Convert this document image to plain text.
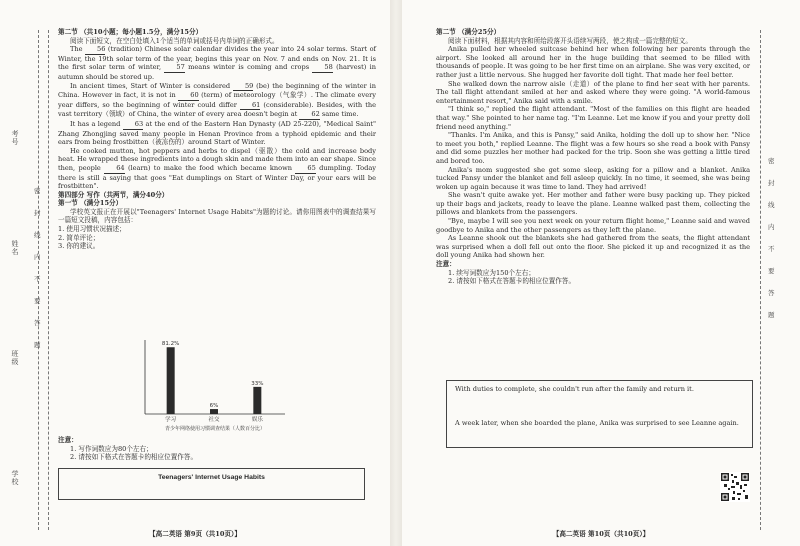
考号
姓名
班级
学校
密
封
线
内
不
要
答
题

第二节 （共10小题；每小题1.5分，满分15分）

阅读下面短文，在空白处填入1个适当的单词或括号内单词的正确形式。

The 56 (tradition) Chinese solar calendar divides the year into 24 solar terms. Start of Winter, the 19th solar term of the year, begins this year on Nov. 7 and ends on Nov. 21. It is the first solar term of winter, 57 means winter is coming and crops 58 (harvest) in autumn should be stored up.

In ancient times, Start of Winter is considered 59 (be) the beginning of the winter in China. However in fact, it is not in 60 (term) of meteorology（气象学）. The climate every year differs, so the beginning of winter could differ 61 (considerable). Besides, with the vast territory（领域）of China, the winter of every area doesn't begin at 62 same time.

It has a legend 63 at the end of the Eastern Han Dynasty (AD 25-220), "Medical Saint" Zhang Zhongjing saved many people in Henan Province from a typhoid epidemic and their ears from being frostbitten（被冻伤的）around Start of Winter.

He cooked mutton, hot peppers and herbs to dispel（驱散）the cold and increase body heat. He wrapped these ingredients into a dough skin and made them into an ear shape. Since then, people 64 (learn) to make the food which became known 65 dumpling. Today there is still a saying that goes "Eat dumplings on Start of Winter Day, or your ears will be frostbitten".

第四部分 写作（共两节，满分40分）

第一节 （满分15分）

学校英文报正在开展以"Teenagers' Internet Usage Habits"为题的讨论。请你用图表中的调查结果写一篇短文投稿，内容包括：

1. 使用习惯状况描述；
2. 简单评论；
3. 你的建议。
81.2%
学习
6%
社交
33%
娱乐
青少年网络使用习惯调查结果（人数百分比）

注意：

1. 写作词数应为80个左右；

2. 请按如下格式在答题卡的相应位置作答。

Teenagers' Internet Usage Habits
【高二英语 第9页（共10页）】
密
封
线
内
不
要
答
题

第二节 （满分25分）

阅读下面材料，根据其内容和所给段落开头语续写两段，使之构成一篇完整的短文。

Anika pulled her wheeled suitcase behind her when following her parents through the airport. She looked all around her in the huge building that seemed to be filled with thousands of people. It was going to be her first time on an airplane. She was very excited, or rather just a little nervous. She hugged her favorite doll tight. That made her feel better.

She walked down the narrow aisle（走道）of the plane to find her seat with her parents. The tall flight attendant smiled at her and asked where they were going. "A world-famous entertainment resort," Anika said with a smile.

"I think so," replied the flight attendant. "Most of the families on this flight are headed that way." She pointed to her name tag. "I'm Leanne. Let me know if you and your pretty doll friend need anything."

"Thanks. I'm Anika, and this is Pansy," said Anika, holding the doll up to show her. "Nice to meet you both," replied Leanne. The flight was a few hours so she read a book with Pansy and did some puzzles her mother had packed for the trip. Soon she was getting a little tired and bored too.

Anika's mom suggested she get some sleep, asking for a pillow and a blanket. Anika tucked Pansy under the blanket and fell asleep quickly. In no time, it seemed, she was being woken up again because it was time to land. They had arrived!

She wasn't quite awake yet. Her mother and father were busy packing up. They picked up their bags and jackets, ready to leave the plane. Leanne walked past them, collecting the pillows and blankets from the passengers.

"Bye, maybe I will see you next week on your return flight home," Leanne said and waved goodbye to Anika and the other passengers as they left the plane.

As Leanne shook out the blankets she had gathered from the seats, the flight attendant was surprised when a doll fell out onto the floor. She picked it up and recognized it as the doll young Anika had shown her.

注意：

1. 续写词数应为150个左右；

2. 请按如下格式在答题卡的相应位置作答。

With duties to complete, she couldn't run after the family and return it.
A week later, when she boarded the plane, Anika was surprised to see Leanne again.
【高二英语 第10页（共10页）】
